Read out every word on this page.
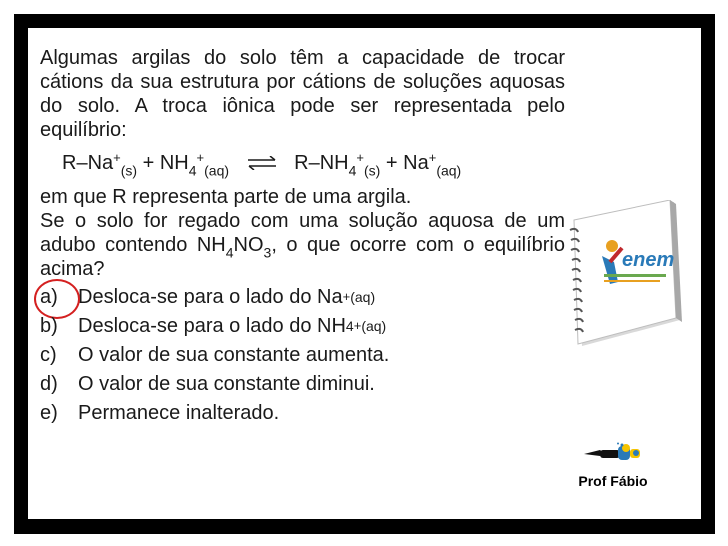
Algumas argilas do solo têm a capacidade de trocar cátions da sua estrutura por cátions de soluções aquosas do solo. A troca iônica pode ser representada pelo equilíbrio:
$R-Na^+_{(s)} + NH_4^+_{(aq)}$ ⇌ $R-NH_4^+_{(s)} + Na^+_{(aq)}$
em que R representa parte de uma argila.
Se o solo for regado com uma solução aquosa de um adubo contendo $NH_4NO_3$, o que ocorre com o equilíbrio acima?
a)	Desloca-se para o lado do Na + (aq)
b)	Desloca-se para o lado do NH 4 + (aq)
c)	O valor de sua constante aumenta.
d)	O valor de sua constante diminui.
e)	Permanece inalterado.
enem
Prof Fábio
